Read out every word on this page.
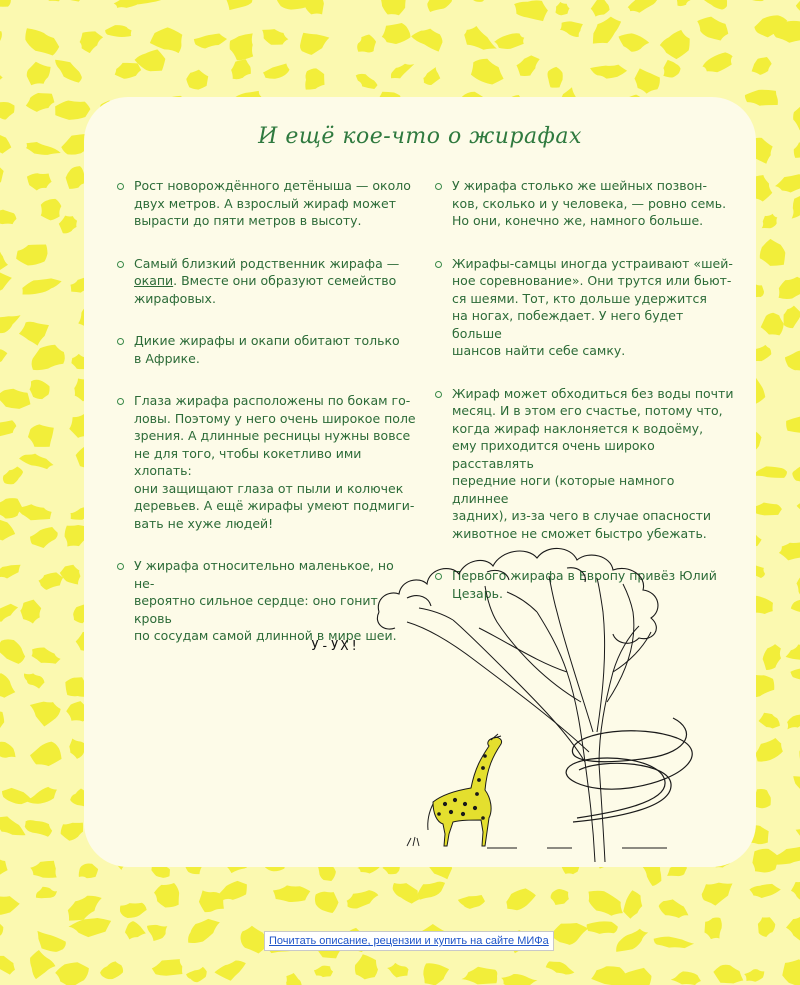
И ещё кое-что о жирафах
Рост новорождённого детёныша — около
двух метров. А взрослый жираф может
вырасти до пяти метров в высоту.
Самый близкий родственник жирафа —
окапи. Вместе они образуют семейство
жирафовых.
Дикие жирафы и окапи обитают только
в Африке.
Глаза жирафа расположены по бокам го-
ловы. Поэтому у него очень широкое поле
зрения. А длинные ресницы нужны вовсе
не для того, чтобы кокетливо ими хлопать:
они защищают глаза от пыли и колючек
деревьев. А ещё жирафы умеют подмиги-
вать не хуже людей!
У жирафа относительно маленькое, но не-
вероятно сильное сердце: оно гонит кровь
по сосудам самой длинной в мире шеи.
У жирафа столько же шейных позвон-
ков, сколько и у человека, — ровно семь.
Но они, конечно же, намного больше.
Жирафы-самцы иногда устраивают «шей-
ное соревнование». Они трутся или бьют-
ся шеями. Тот, кто дольше удержится
на ногах, побеждает. У него будет больше
шансов найти себе самку.
Жираф может обходиться без воды почти
месяц. И в этом его счастье, потому что,
когда жираф наклоняется к водоёму,
ему приходится очень широко расставлять
передние ноги (которые намного длиннее
задних), из-за чего в случае опасности
животное не сможет быстро убежать.
Первого жирафа в Европу привёз Юлий
Цезарь.
У-УХ!
Почитать описание, рецензии и купить на сайте МИФа
